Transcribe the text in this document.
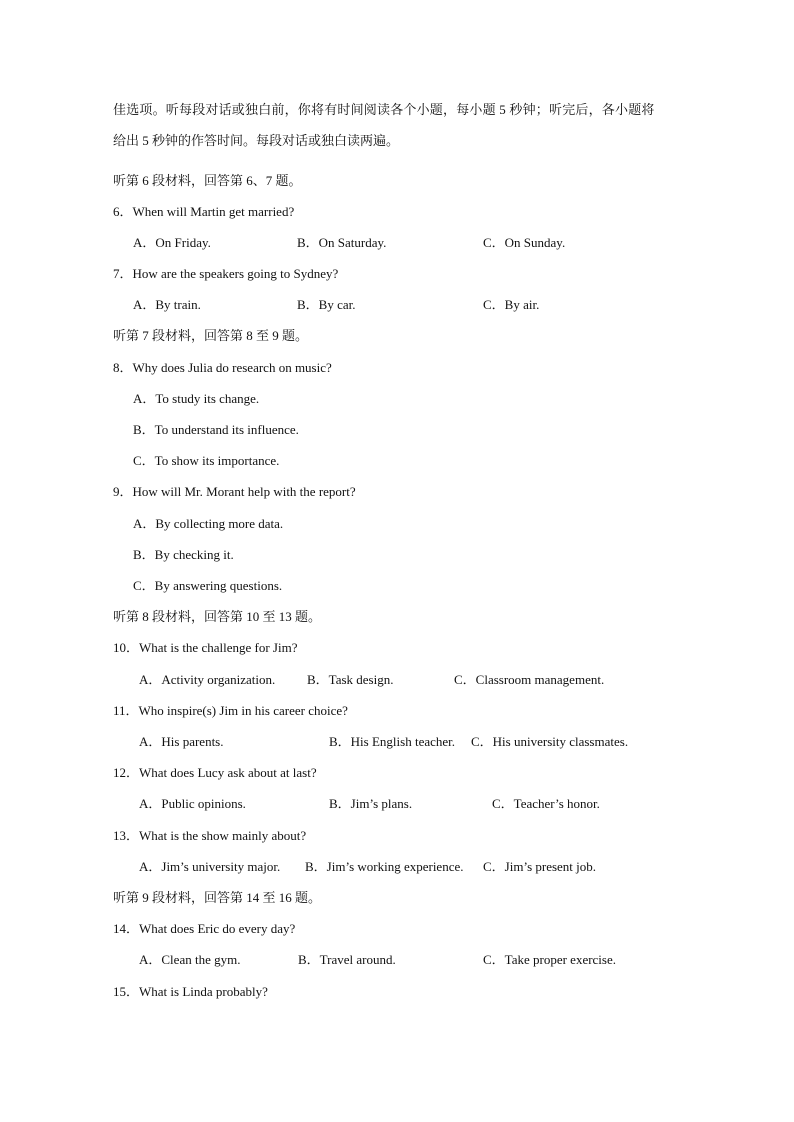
佳选项。听每段对话或独白前，你将有时间阅读各个小题，每小题 5 秒钟；听完后，各小题将
给出 5 秒钟的作答时间。每段对话或独白读两遍。
听第 6 段材料，回答第 6、7 题。
6．When will Martin get married?
A．On Friday.	B．On Saturday.	C．On Sunday.
7．How are the speakers going to Sydney?
A．By train.	B．By car.	C．By air.
听第 7 段材料，回答第 8 至 9 题。
8．Why does Julia do research on music?
A．To study its change.
B．To understand its influence.
C．To show its importance.
9．How will Mr. Morant help with the report?
A．By collecting more data.
B．By checking it.
C．By answering questions.
听第 8 段材料，回答第 10 至 13 题。
10．What is the challenge for Jim?
A．Activity organization. B．Task design.	C．Classroom management.
11．Who inspire(s) Jim in his career choice?
A．His parents.	B．His English teacher. C．His university classmates.
12．What does Lucy ask about at last?
A．Public opinions.	B．Jim’s plans.	C．Teacher’s honor.
13．What is the show mainly about?
A．Jim’s university major. B．Jim’s working experience. C．Jim’s present job.
听第 9 段材料，回答第 14 至 16 题。
14．What does Eric do every day?
A．Clean the gym.	B．Travel around.	C．Take proper exercise.
15．What is Linda probably?
